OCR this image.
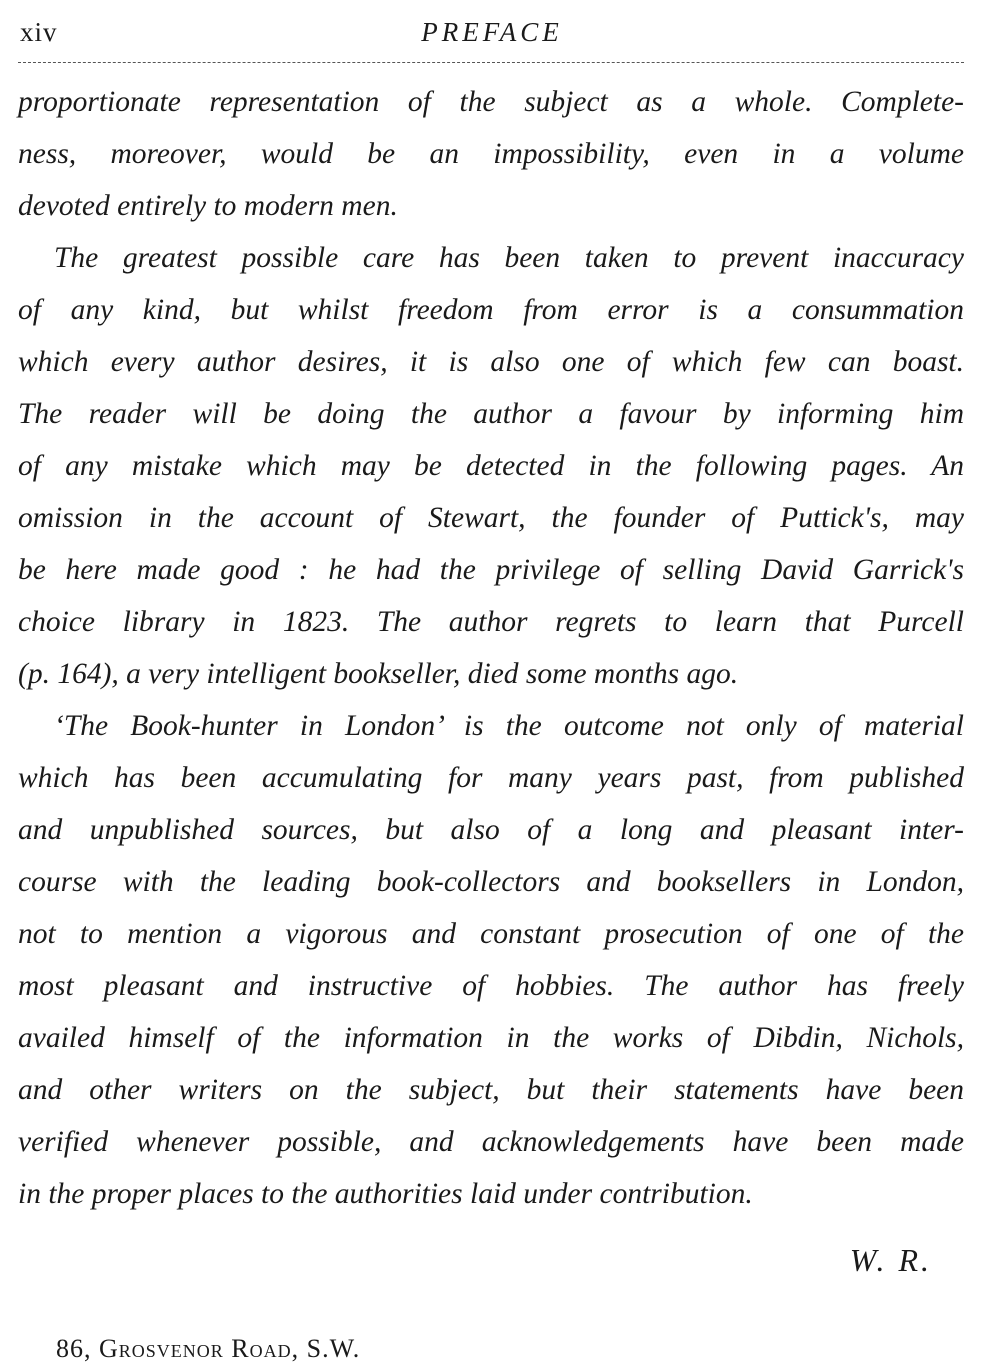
xiv	PREFACE
proportionate representation of the subject as a whole. Complete-
ness, moreover, would be an impossibility, even in a volume
devoted entirely to modern men.
The greatest possible care has been taken to prevent inaccuracy
of any kind, but whilst freedom from error is a consummation
which every author desires, it is also one of which few can boast.
The reader will be doing the author a favour by informing him
of any mistake which may be detected in the following pages. An
omission in the account of Stewart, the founder of Puttick's, may
be here made good : he had the privilege of selling David Garrick's
choice library in 1823. The author regrets to learn that Purcell
(p. 164), a very intelligent bookseller, died some months ago.
‘The Book-hunter in London’ is the outcome not only of material
which has been accumulating for many years past, from published
and unpublished sources, but also of a long and pleasant inter-
course with the leading book-collectors and booksellers in London,
not to mention a vigorous and constant prosecution of one of the
most pleasant and instructive of hobbies. The author has freely
availed himself of the information in the works of Dibdin, Nichols,
and other writers on the subject, but their statements have been
verified whenever possible, and acknowledgements have been made
in the proper places to the authorities laid under contribution.
W. R.
86, Grosvenor Road, S.W.
